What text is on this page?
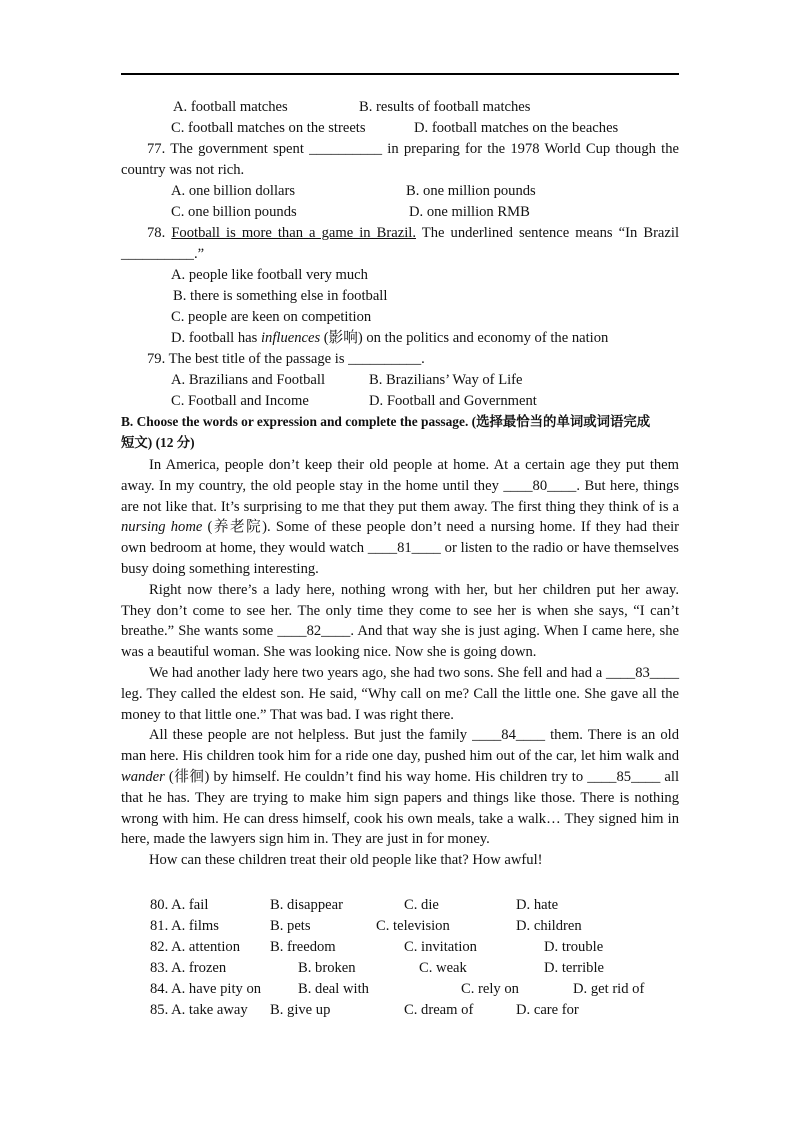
A. football matches	B. results of football matches
C. football matches on the streets	D. football matches on the beaches
77. The government spent __________ in preparing for the 1978 World Cup though the
country was not rich.
A. one billion dollars	B. one million pounds
C. one billion pounds	D. one million RMB
78. Football is more than a game in Brazil. The underlined sentence means “In Brazil
__________.”
A. people like football very much
B. there is something else in football
C. people are keen on competition
D. football has influences (影响) on the politics and economy of the nation
79. The best title of the passage is __________.
A. Brazilians and Football	B. Brazilians’ Way of Life
C. Football and Income	D. Football and Government
B. Choose the words or expression and complete the passage. (选择最恰当的单词或词语完成
短文) (12 分)

In America, people don’t keep their old people at home. At a certain age they put them away. In my country, the old people stay in the home until they ____80____. But here, things are not like that. It’s surprising to me that they put them away. The first thing they think of is a nursing home (养老院). Some of these people don’t need a nursing home. If they had their own bedroom at home, they would watch ____81____ or listen to the radio or have themselves busy doing something interesting.

Right now there’s a lady here, nothing wrong with her, but her children put her away. They don’t come to see her. The only time they come to see her is when she says, “I can’t breathe.” She wants some ____82____. And that way she is just aging. When I came here, she was a beautiful woman. She was looking nice. Now she is going down.

We had another lady here two years ago, she had two sons. She fell and had a ____83____ leg. They called the eldest son. He said, “Why call on me? Call the little one. She gave all the money to that little one.” That was bad. I was right there.

All these people are not helpless. But just the family ____84____ them. There is an old man here. His children took him for a ride one day, pushed him out of the car, let him walk and wander (徘徊) by himself. He couldn’t find his way home. His children try to ____85____ all that he has. They are trying to make him sign papers and things like those. There is nothing wrong with him. He can dress himself, cook his own meals, take a walk… They signed him in here, made the lawyers sign him in. They are just in for money.

How can these children treat their old people like that? How awful!

80. A. fail	B. disappear	C. die	D. hate
81. A. films	B. pets	C. television	D. children
82. A. attention B. freedom	C. invitation	D. trouble
83. A. frozen	B. broken	C. weak	D. terrible
84. A. have pity on	B. deal with	C. rely on	D. get rid of
85. A. take away B. give up	C. dream of	D. care for
